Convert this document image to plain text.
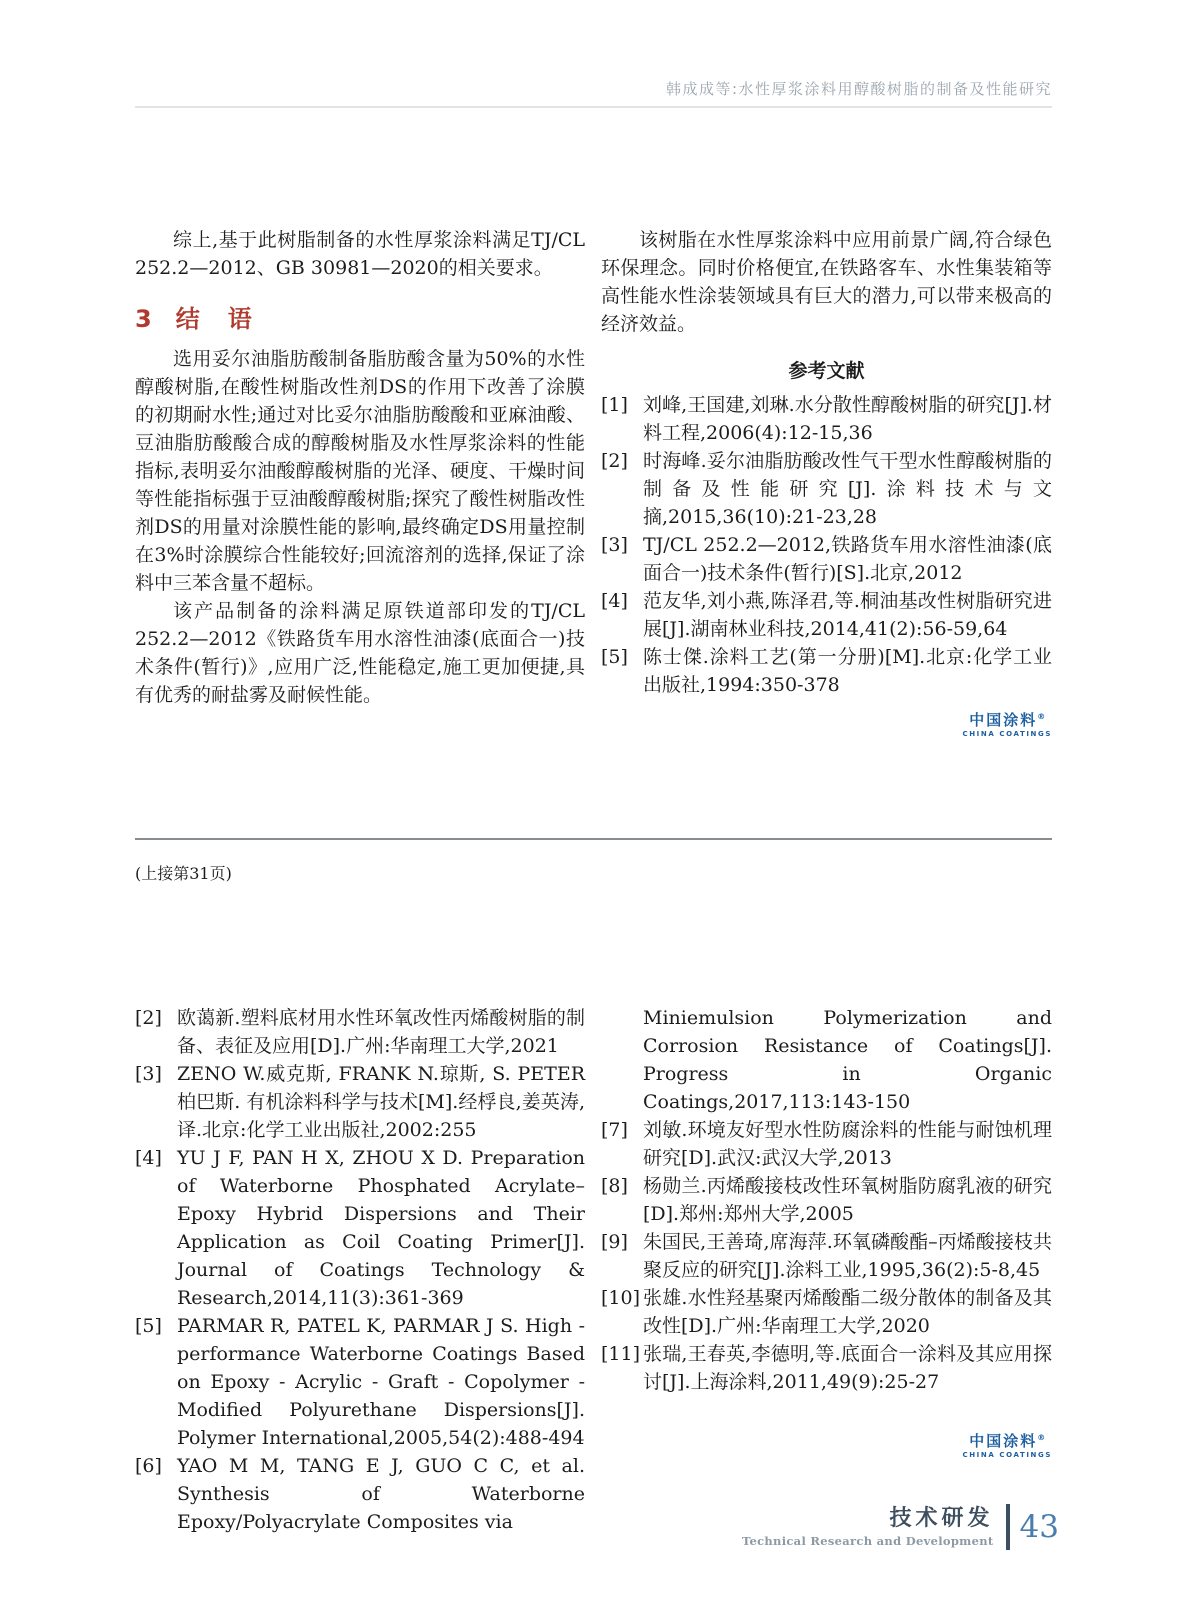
韩成成等:水性厚浆涂料用醇酸树脂的制备及性能研究

综上,基于此树脂制备的水性厚浆涂料满足TJ/CL 252.2—2012、GB 30981—2020的相关要求。

3 结　语

选用妥尔油脂肪酸制备脂肪酸含量为50%的水性醇酸树脂,在酸性树脂改性剂DS的作用下改善了涂膜的初期耐水性;通过对比妥尔油脂肪酸酸和亚麻油酸、豆油脂肪酸酸合成的醇酸树脂及水性厚浆涂料的性能指标,表明妥尔油酸醇酸树脂的光泽、硬度、干燥时间等性能指标强于豆油酸醇酸树脂;探究了酸性树脂改性剂DS的用量对涂膜性能的影响,最终确定DS用量控制在3%时涂膜综合性能较好;回流溶剂的选择,保证了涂料中三苯含量不超标。

该产品制备的涂料满足原铁道部印发的TJ/CL 252.2—2012《铁路货车用水溶性油漆(底面合一)技术条件(暂行)》,应用广泛,性能稳定,施工更加便捷,具有优秀的耐盐雾及耐候性能。

该树脂在水性厚浆涂料中应用前景广阔,符合绿色环保理念。同时价格便宜,在铁路客车、水性集装箱等高性能水性涂装领域具有巨大的潜力,可以带来极高的经济效益。

参考文献
[1] 刘峰,王国建,刘琳.水分散性醇酸树脂的研究[J].材料工程,2006(4):12-15,36
[2] 时海峰.妥尔油脂肪酸改性气干型水性醇酸树脂的制备及性能研究[J].涂料技术与文摘,2015,36(10):21-23,28
[3] TJ/CL 252.2—2012,铁路货车用水溶性油漆(底面合一)技术条件(暂行)[S].北京,2012
[4] 范友华,刘小燕,陈泽君,等.桐油基改性树脂研究进展[J].湖南林业科技,2014,41(2):56-59,64
[5] 陈士傑.涂料工艺(第一分册)[M].北京:化学工业出版社,1994:350-378
中国涂料®
CHINA COATINGS
(上接第31页)
[2] 欧蔼新.塑料底材用水性环氧改性丙烯酸树脂的制备、表征及应用[D].广州:华南理工大学,2021
[3] ZENO W.威克斯, FRANK N.琼斯, S. PETER柏巴斯. 有机涂料科学与技术[M].经桴良,姜英涛,译.北京:化学工业出版社,2002:255
[4] YU J F, PAN H X, ZHOU X D. Preparation of Waterborne Phosphated Acrylate–Epoxy Hybrid Dispersions and Their Application as Coil Coating Primer[J]. Journal of Coatings Technology & Research,2014,11(3):361-369
[5] PARMAR R, PATEL K, PARMAR J S. High - performance Waterborne Coatings Based on Epoxy - Acrylic - Graft - Copolymer - Modified Polyurethane Dispersions[J]. Polymer International,2005,54(2):488-494
[6] YAO M M, TANG E J, GUO C C, et al. Synthesis of Waterborne Epoxy/Polyacrylate Composites via
Miniemulsion Polymerization and Corrosion Resistance of Coatings[J]. Progress in Organic Coatings,2017,113:143-150
[7] 刘敏.环境友好型水性防腐涂料的性能与耐蚀机理研究[D].武汉:武汉大学,2013
[8] 杨勋兰.丙烯酸接枝改性环氧树脂防腐乳液的研究[D].郑州:郑州大学,2005
[9] 朱国民,王善琦,席海萍.环氧磷酸酯–丙烯酸接枝共聚反应的研究[J].涂料工业,1995,36(2):5-8,45
[10] 张雄.水性羟基聚丙烯酸酯二级分散体的制备及其改性[D].广州:华南理工大学,2020
[11] 张瑞,王春英,李德明,等.底面合一涂料及其应用探讨[J].上海涂料,2011,49(9):25-27
中国涂料®
CHINA COATINGS
技术研发
Technical Research and Development 43
